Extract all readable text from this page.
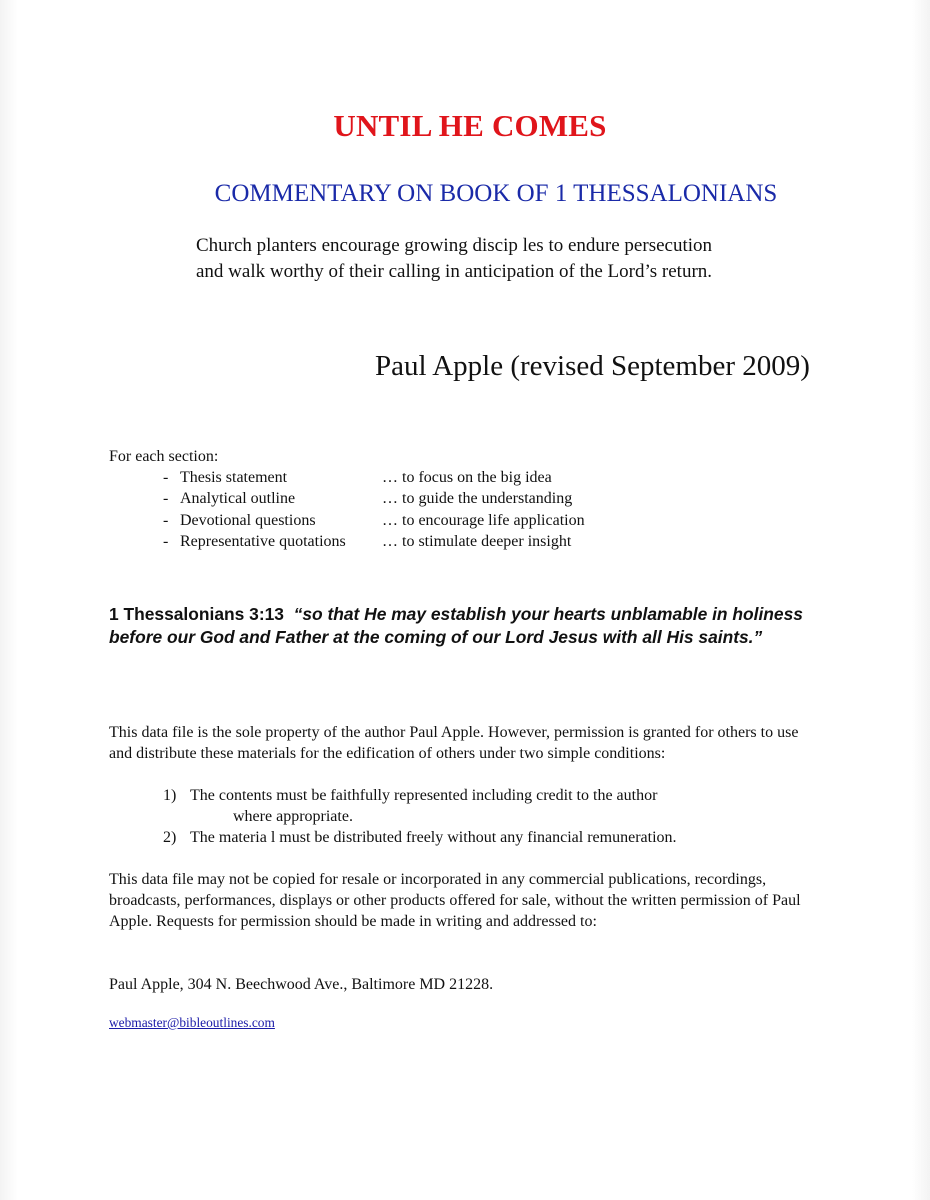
UNTIL HE COMES
COMMENTARY ON BOOK OF 1 THESSALONIANS
Church planters encourage growing discip les to endure persecution
and walk worthy of their calling in anticipation of the Lord’s return.
Paul Apple (revised September 2009)
For each section:
- Thesis statement	… to focus on the big idea
- Analytical outline	… to guide the understanding
- Devotional questions	… to encourage life application
- Representative quotations	… to stimulate deeper insight
1 Thessalonians 3:13 “so that He may establish your hearts unblamable in holiness before our God and Father at the coming of our Lord Jesus with all His saints.”

This data file is the sole property of the author Paul Apple. However, permission is granted for others to use and distribute these materials for the edification of others under two simple conditions:

1) The contents must be faithfully represented including credit to the author
where appropriate.
2) The materia l must be distributed freely without any financial remuneration.

This data file may not be copied for resale or incorporated in any commercial publications, recordings, broadcasts, performances, displays or other products offered for sale, without the written permission of Paul Apple. Requests for permission should be made in writing and addressed to:

Paul Apple, 304 N. Beechwood Ave., Baltimore MD 21228.
webmaster@bibleoutlines.com
